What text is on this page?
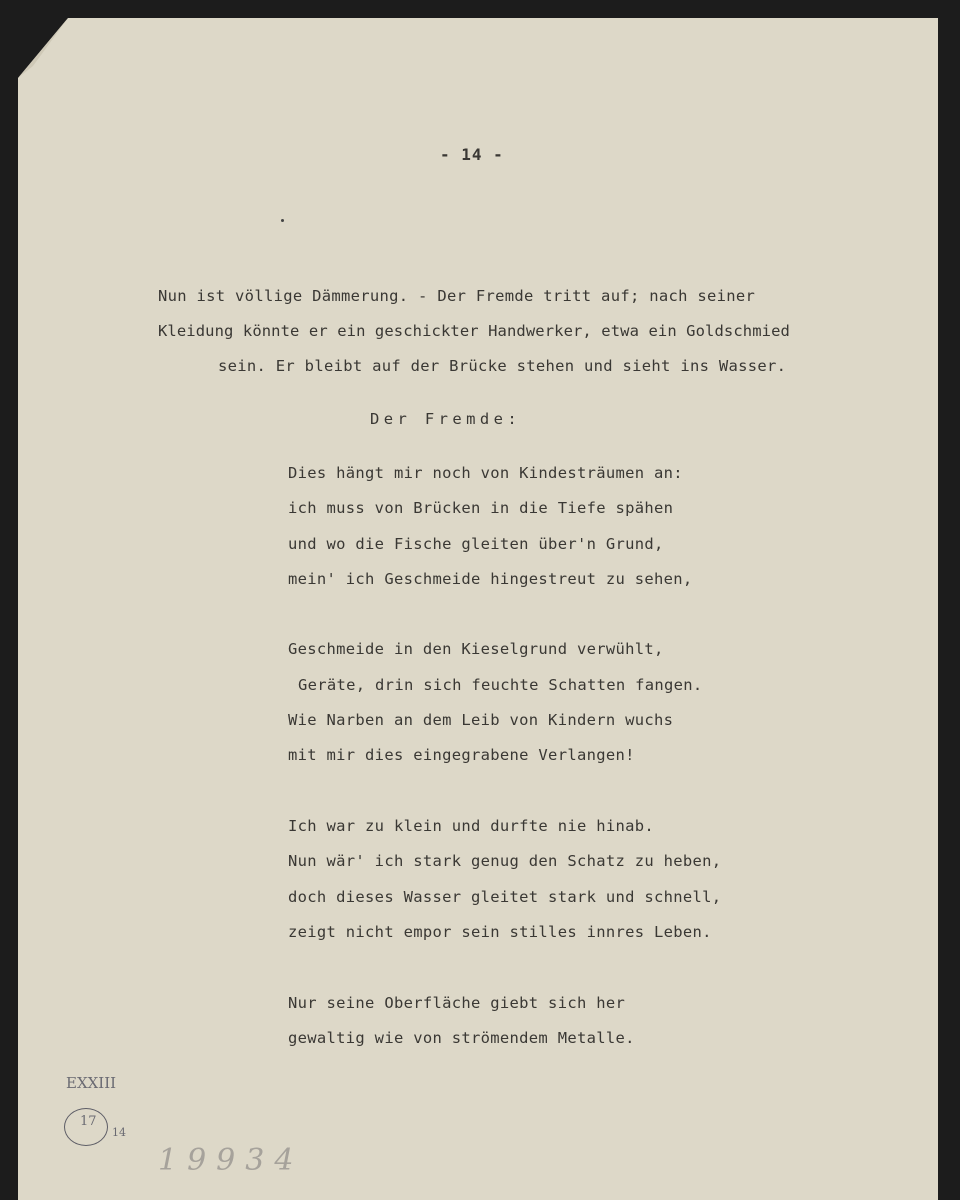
- 14 -
Nun ist völlige Dämmerung. - Der Fremde tritt auf; nach seiner
Kleidung könnte er ein geschickter Handwerker, etwa ein Goldschmied
sein. Er bleibt auf der Brücke stehen und sieht ins Wasser.
Der Fremde:
Dies hängt mir noch von Kindesträumen an:
ich muss von Brücken in die Tiefe spähen
und wo die Fische gleiten über'n Grund,
mein' ich Geschmeide hingestreut zu sehen,
Geschmeide in den Kieselgrund verwühlt,
Geräte, drin sich feuchte Schatten fangen.
Wie Narben an dem Leib von Kindern wuchs
mit mir dies eingegrabene Verlangen!
Ich war zu klein und durfte nie hinab.
Nun wär' ich stark genug den Schatz zu heben,
doch dieses Wasser gleitet stark und schnell,
zeigt nicht empor sein stilles innres Leben.
Nur seine Oberfläche giebt sich her
gewaltig wie von strömendem Metalle.
EXXIII
17
14
19934
